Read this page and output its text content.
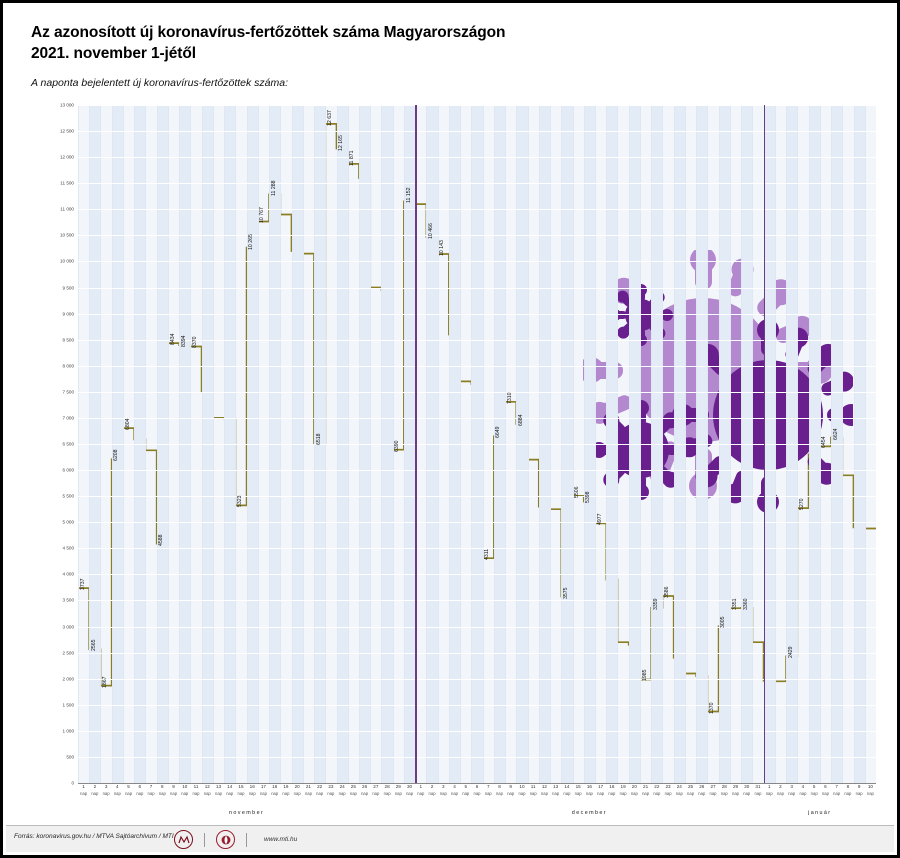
Az azonosított új koronavírus-fertőzöttek száma Magyarországon
2021. november 1-jétől
A naponta bejelentett új koronavírus-fertőzöttek száma:
0
500
1 000
1 500
2 000
2 500
3 000
3 500
4 000
4 500
5 000
5 500
6 000
6 500
7 000
7 500
8 000
8 500
9 000
9 500
10 000
10 500
11 000
11 500
12 000
12 500
13 000
3737
2565
1867
6208
6804
4588
8434 8394 8370
5323
10 265
10 767
11 288
6518
12 637
12 165
11 871
6390
11 152
10 466
10 143
4311
6649
7310
6884
3575
5506 5398
4977
1985
3359
3586
1370
3005
3351 3360
2429
5270
6454
6624
1
nap
2
nap
3
nap
4
nap
5
nap
6
nap
7
nap
8
nap
9
nap
10
nap
11
nap
12
nap
13
nap
14
nap
15
nap
16
nap
17
nap
18
nap
19
nap
20
nap
21
nap
22
nap
23
nap
24
nap
25
nap
26
nap
27
nap
28
nap
29
nap
30
nap
1
nap
2
nap
3
nap
4
nap
5
nap
6
nap
7
nap
8
nap
9
nap
10
nap
11
nap
12
nap
13
nap
14
nap
15
nap
16
nap
17
nap
18
nap
19
nap
20
nap
21
nap
22
nap
23
nap
24
nap
25
nap
26
nap
27
nap
28
nap
29
nap
30
nap
31
nap
1
nap
2
nap
3
nap
4
nap
5
nap
6
nap
7
nap
8
nap
9
nap
10
nap
november	december	január
Forrás: koronavirus.gov.hu / MTVA Sajtóarchívum / MTI	www.mti.hu
